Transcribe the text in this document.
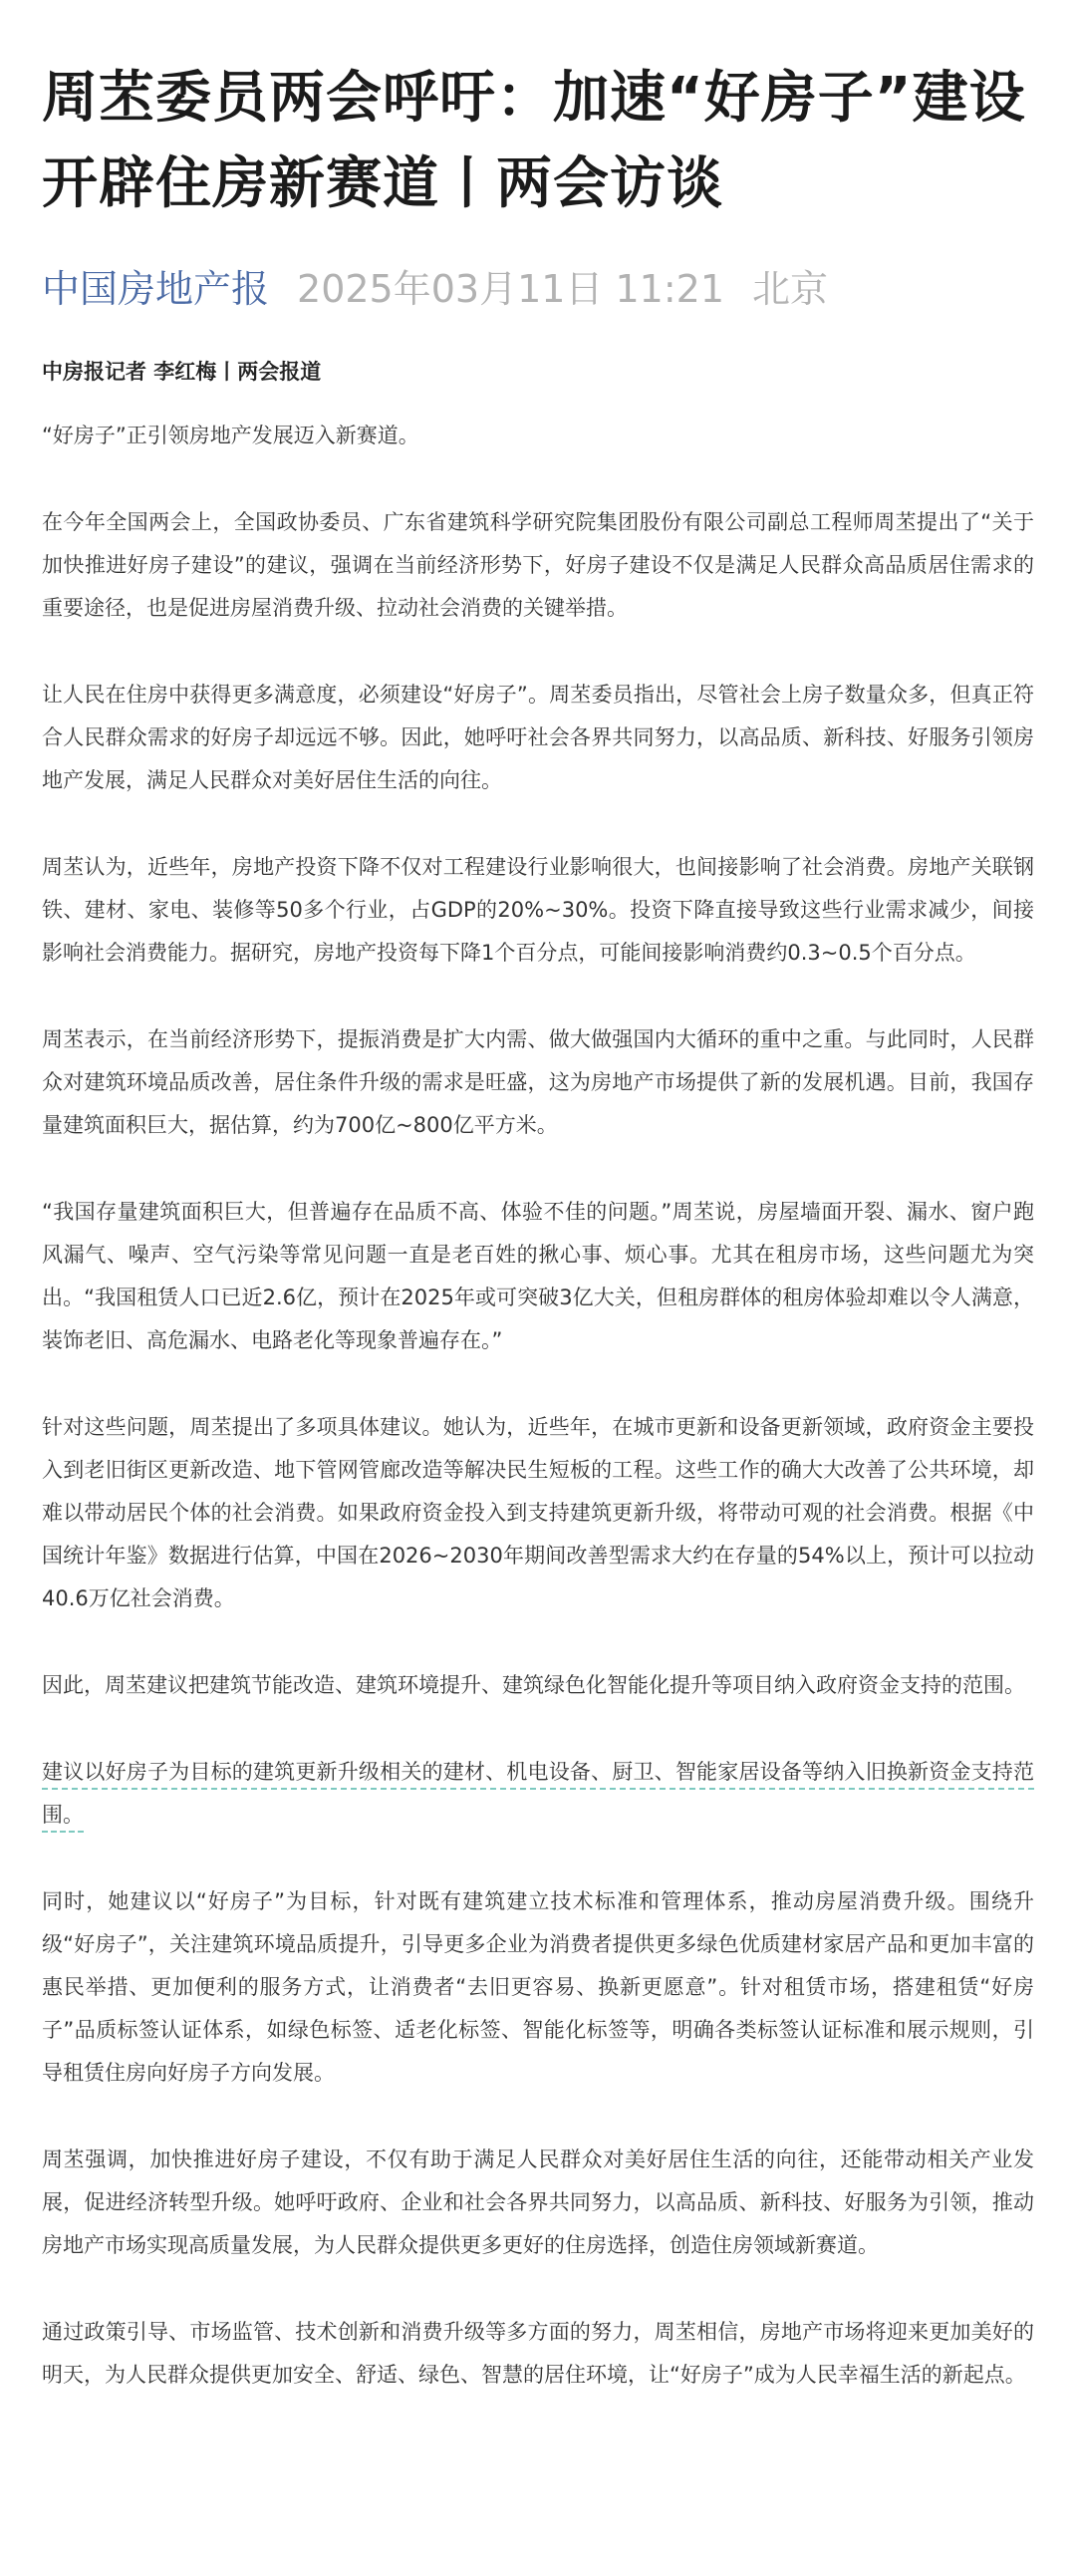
周苤委员两会呼吁：加速“好房子”建设 开辟住房新赛道丨两会访谈
中国房地产报 2025年03月11日 11:21 北京

中房报记者 李红梅丨两会报道

“好房子”正引领房地产发展迈入新赛道。

在今年全国两会上，全国政协委员、广东省建筑科学研究院集团股份有限公司副总工程师周苤提出了“关于加快推进好房子建设”的建议，强调在当前经济形势下，好房子建设不仅是满足人民群众高品质居住需求的重要途径，也是促进房屋消费升级、拉动社会消费的关键举措。

让人民在住房中获得更多满意度，必须建设“好房子”。周苤委员指出，尽管社会上房子数量众多，但真正符合人民群众需求的好房子却远远不够。因此，她呼吁社会各界共同努力，以高品质、新科技、好服务引领房地产发展，满足人民群众对美好居住生活的向往。

周苤认为，近些年，房地产投资下降不仅对工程建设行业影响很大，也间接影响了社会消费。房地产关联钢铁、建材、家电、装修等50多个行业，占GDP的20%~30%。投资下降直接导致这些行业需求减少，间接影响社会消费能力。据研究，房地产投资每下降1个百分点，可能间接影响消费约0.3~0.5个百分点。

周苤表示，在当前经济形势下，提振消费是扩大内需、做大做强国内大循环的重中之重。与此同时，人民群众对建筑环境品质改善，居住条件升级的需求是旺盛，这为房地产市场提供了新的发展机遇。目前，我国存量建筑面积巨大，据估算，约为700亿~800亿平方米。

“我国存量建筑面积巨大，但普遍存在品质不高、体验不佳的问题。”周苤说，房屋墙面开裂、漏水、窗户跑风漏气、噪声、空气污染等常见问题一直是老百姓的揪心事、烦心事。尤其在租房市场，这些问题尤为突出。“我国租赁人口已近2.6亿，预计在2025年或可突破3亿大关，但租房群体的租房体验却难以令人满意，装饰老旧、高危漏水、电路老化等现象普遍存在。”

针对这些问题，周苤提出了多项具体建议。她认为，近些年，在城市更新和设备更新领域，政府资金主要投入到老旧街区更新改造、地下管网管廊改造等解决民生短板的工程。这些工作的确大大改善了公共环境，却难以带动居民个体的社会消费。如果政府资金投入到支持建筑更新升级，将带动可观的社会消费。根据《中国统计年鉴》数据进行估算，中国在2026~2030年期间改善型需求大约在存量的54%以上，预计可以拉动40.6万亿社会消费。

因此，周苤建议把建筑节能改造、建筑环境提升、建筑绿色化智能化提升等项目纳入政府资金支持的范围。

建议以好房子为目标的建筑更新升级相关的建材、机电设备、厨卫、智能家居设备等纳入旧换新资金支持范围。

同时，她建议以“好房子”为目标，针对既有建筑建立技术标准和管理体系，推动房屋消费升级。围绕升级“好房子”，关注建筑环境品质提升，引导更多企业为消费者提供更多绿色优质建材家居产品和更加丰富的惠民举措、更加便利的服务方式，让消费者“去旧更容易、换新更愿意”。针对租赁市场，搭建租赁“好房子”品质标签认证体系，如绿色标签、适老化标签、智能化标签等，明确各类标签认证标准和展示规则，引导租赁住房向好房子方向发展。

周苤强调，加快推进好房子建设，不仅有助于满足人民群众对美好居住生活的向往，还能带动相关产业发展，促进经济转型升级。她呼吁政府、企业和社会各界共同努力，以高品质、新科技、好服务为引领，推动房地产市场实现高质量发展，为人民群众提供更多更好的住房选择，创造住房领域新赛道。

通过政策引导、市场监管、技术创新和消费升级等多方面的努力，周苤相信，房地产市场将迎来更加美好的明天，为人民群众提供更加安全、舒适、绿色、智慧的居住环境，让“好房子”成为人民幸福生活的新起点。
